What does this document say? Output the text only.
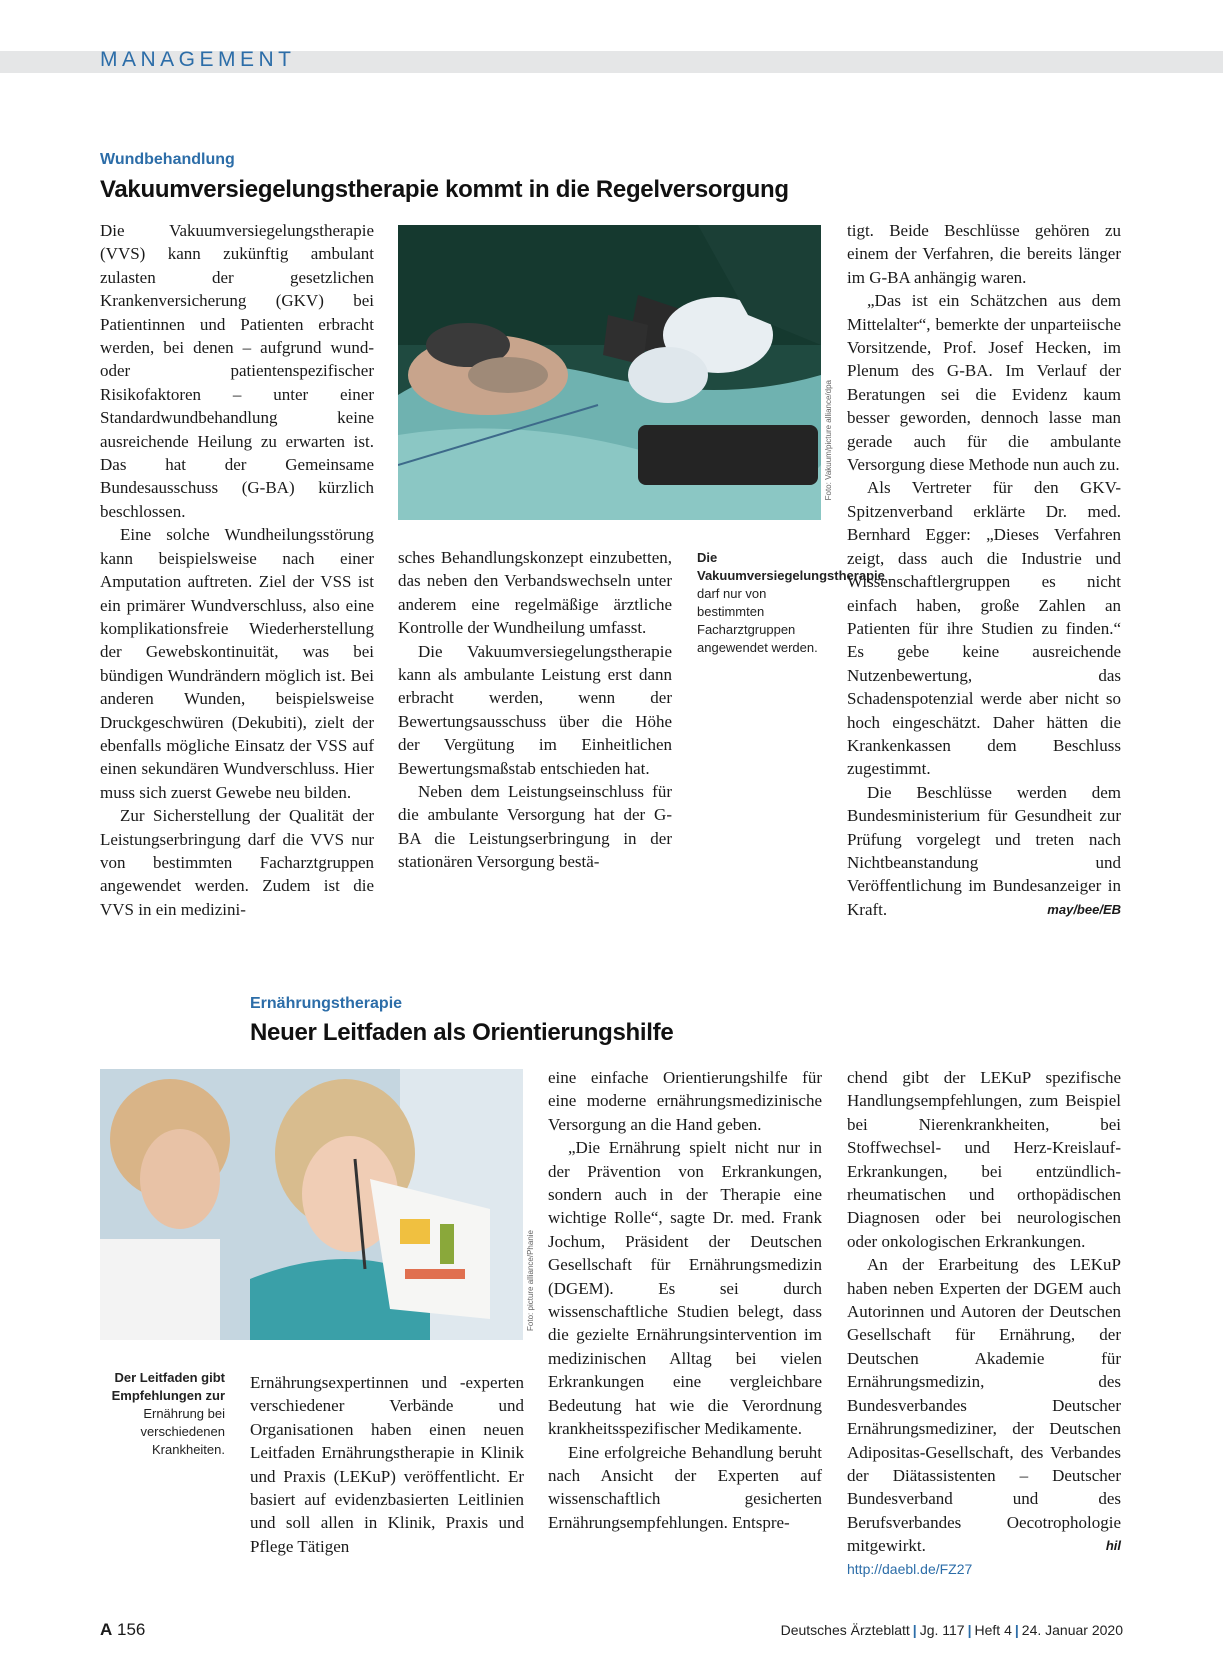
MANAGEMENT
Wundbehandlung
Vakuumversiegelungstherapie kommt in die Regelversorgung

Die Vakuumversiegelungstherapie (VVS) kann zukünftig ambulant zulasten der gesetzlichen Krankenversicherung (GKV) bei Patientinnen und Patienten erbracht werden, bei denen – aufgrund wund- oder patientenspezifischer Risikofaktoren – unter einer Standardwundbehandlung keine ausreichende Heilung zu erwarten ist. Das hat der Gemeinsame Bundesausschuss (G-BA) kürzlich beschlossen.

Eine solche Wundheilungsstörung kann beispielsweise nach einer Amputation auftreten. Ziel der VSS ist ein primärer Wundverschluss, also eine komplikationsfreie Wiederherstellung der Gewebskontinuität, was bei bündigen Wundrändern möglich ist. Bei anderen Wunden, beispielsweise Druckgeschwüren (Dekubiti), zielt der ebenfalls mögliche Einsatz der VSS auf einen sekundären Wundverschluss. Hier muss sich zuerst Gewebe neu bilden.

Zur Sicherstellung der Qualität der Leistungserbringung darf die VVS nur von bestimmten Facharztgruppen angewendet werden. Zudem ist die VVS in ein medizini-

Foto: Vakuum/picture alliance/dpa

sches Behandlungskonzept einzubetten, das neben den Verbandswechseln unter anderem eine regelmäßige ärztliche Kontrolle der Wundheilung umfasst.

Die Vakuumversiegelungstherapie kann als ambulante Leistung erst dann erbracht werden, wenn der Bewertungsausschuss über die Höhe der Vergütung im Einheitlichen Bewertungsmaßstab entschieden hat.

Neben dem Leistungseinschluss für die ambulante Versorgung hat der G-BA die Leistungserbringung in der stationären Versorgung bestä-

Die Vakuumversiegelungstherapie
darf nur von bestimmten Facharztgruppen angewendet werden.

tigt. Beide Beschlüsse gehören zu einem der Verfahren, die bereits länger im G-BA anhängig waren.

„Das ist ein Schätzchen aus dem Mittelalter“, bemerkte der unparteiische Vorsitzende, Prof. Josef Hecken, im Plenum des G-BA. Im Verlauf der Beratungen sei die Evidenz kaum besser geworden, dennoch lasse man gerade auch für die ambulante Versorgung diese Methode nun auch zu.

Als Vertreter für den GKV-Spitzenverband erklärte Dr. med. Bernhard Egger: „Dieses Verfahren zeigt, dass auch die Industrie und Wissenschaftlergruppen es nicht einfach haben, große Zahlen an Patienten für ihre Studien zu finden.“ Es gebe keine ausreichende Nutzenbewertung, das Schadenspotenzial werde aber nicht so hoch eingeschätzt. Daher hätten die Krankenkassen dem Beschluss zugestimmt.

Die Beschlüsse werden dem Bundesministerium für Gesundheit zur Prüfung vorgelegt und treten nach Nichtbeanstandung und Veröffentlichung im Bundesanzeiger in Kraft.	may/bee/EB

Ernährungstherapie
Neuer Leitfaden als Orientierungshilfe
Foto: picture alliance/Phanie
Der Leitfaden gibt Empfehlungen zur
Ernährung bei verschiedenen Krankheiten.

Ernährungsexpertinnen und -experten verschiedener Verbände und Organisationen haben einen neuen Leitfaden Ernährungstherapie in Klinik und Praxis (LEKuP) veröffentlicht. Er basiert auf evidenzbasierten Leitlinien und soll allen in Klinik, Praxis und Pflege Tätigen

eine einfache Orientierungshilfe für eine moderne ernährungsmedizinische Versorgung an die Hand geben.

„Die Ernährung spielt nicht nur in der Prävention von Erkrankungen, sondern auch in der Therapie eine wichtige Rolle“, sagte Dr. med. Frank Jochum, Präsident der Deutschen Gesellschaft für Ernährungsmedizin (DGEM). Es sei durch wissenschaftliche Studien belegt, dass die gezielte Ernährungsintervention im medizinischen Alltag bei vielen Erkrankungen eine vergleichbare Bedeutung hat wie die Verordnung krankheitsspezifischer Medikamente.

Eine erfolgreiche Behandlung beruht nach Ansicht der Experten auf wissenschaftlich gesicherten Ernährungsempfehlungen. Entspre-

chend gibt der LEKuP spezifische Handlungsempfehlungen, zum Beispiel bei Nierenkrankheiten, bei Stoffwechsel- und Herz-Kreislauf-Erkrankungen, bei entzündlich-rheumatischen und orthopädischen Diagnosen oder bei neurologischen oder onkologischen Erkrankungen.

An der Erarbeitung des LEKuP haben neben Experten der DGEM auch Autorinnen und Autoren der Deutschen Gesellschaft für Ernährung, der Deutschen Akademie für Ernährungsmedizin, des Bundesverbandes Deutscher Ernährungsmediziner, der Deutschen Adipositas-Gesellschaft, des Verbandes der Diätassistenten – Deutscher Bundesverband und des Berufsverbandes Oecotrophologie mitgewirkt.	hil

http://daebl.de/FZ27
A 156	Deutsches Ärzteblatt | Jg. 117 | Heft 4 | 24. Januar 2020
